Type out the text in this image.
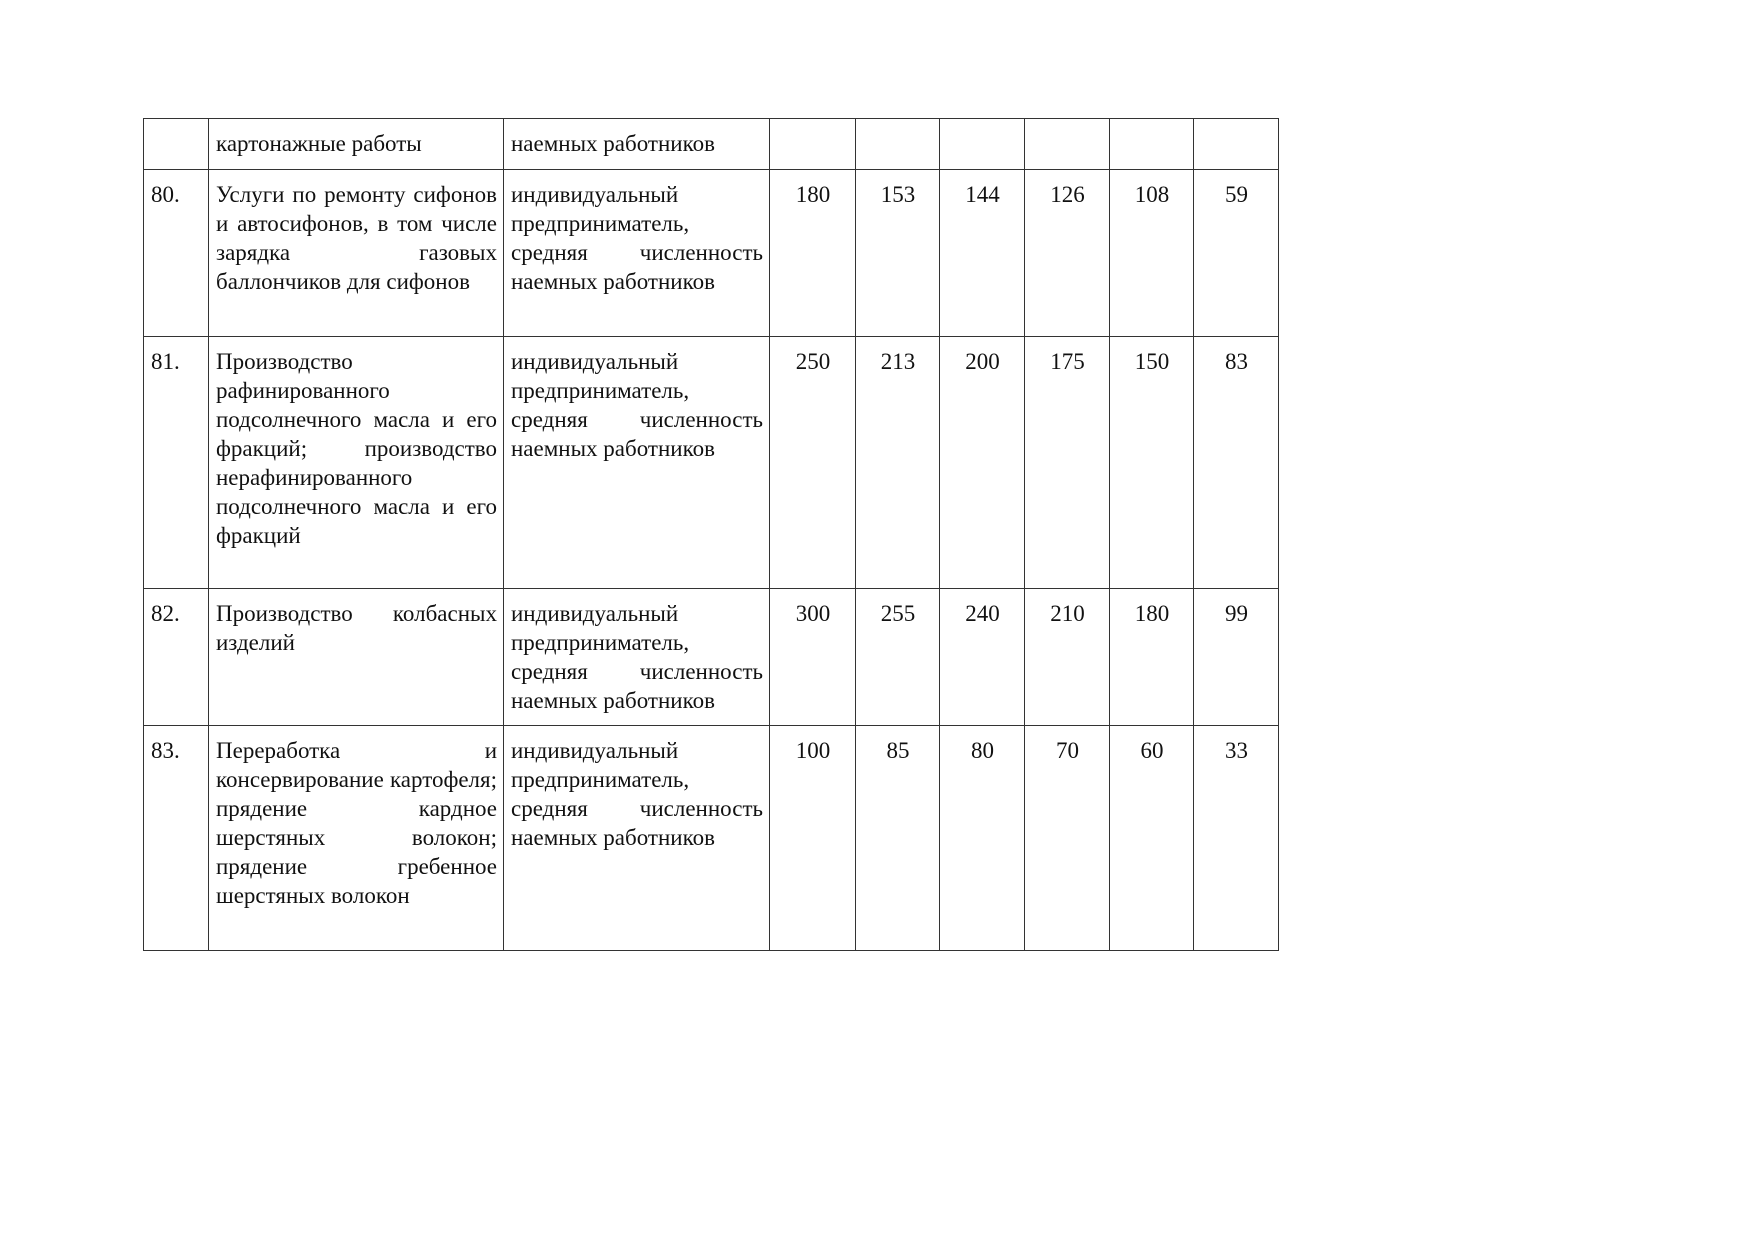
	картонажные работы	наемных работников						
80.	Услуги по ремонту сифонов и автосифонов, в том числе зарядка газовых баллончиков для сифонов	индивидуальный предприниматель, средняя численность наемных работников	180	153	144	126	108	59
81.	Производство рафинированного подсолнечного масла и его фракций; производство нерафинированного подсолнечного масла и его фракций	индивидуальный предприниматель, средняя численность наемных работников	250	213	200	175	150	83
82.	Производство колбасных изделий	индивидуальный предприниматель, средняя численность наемных работников	300	255	240	210	180	99
83.	Переработка и консервирование картофеля; прядение кардное шерстяных волокон; прядение гребенное шерстяных волокон	индивидуальный предприниматель, средняя численность наемных работников	100	85	80	70	60	33
